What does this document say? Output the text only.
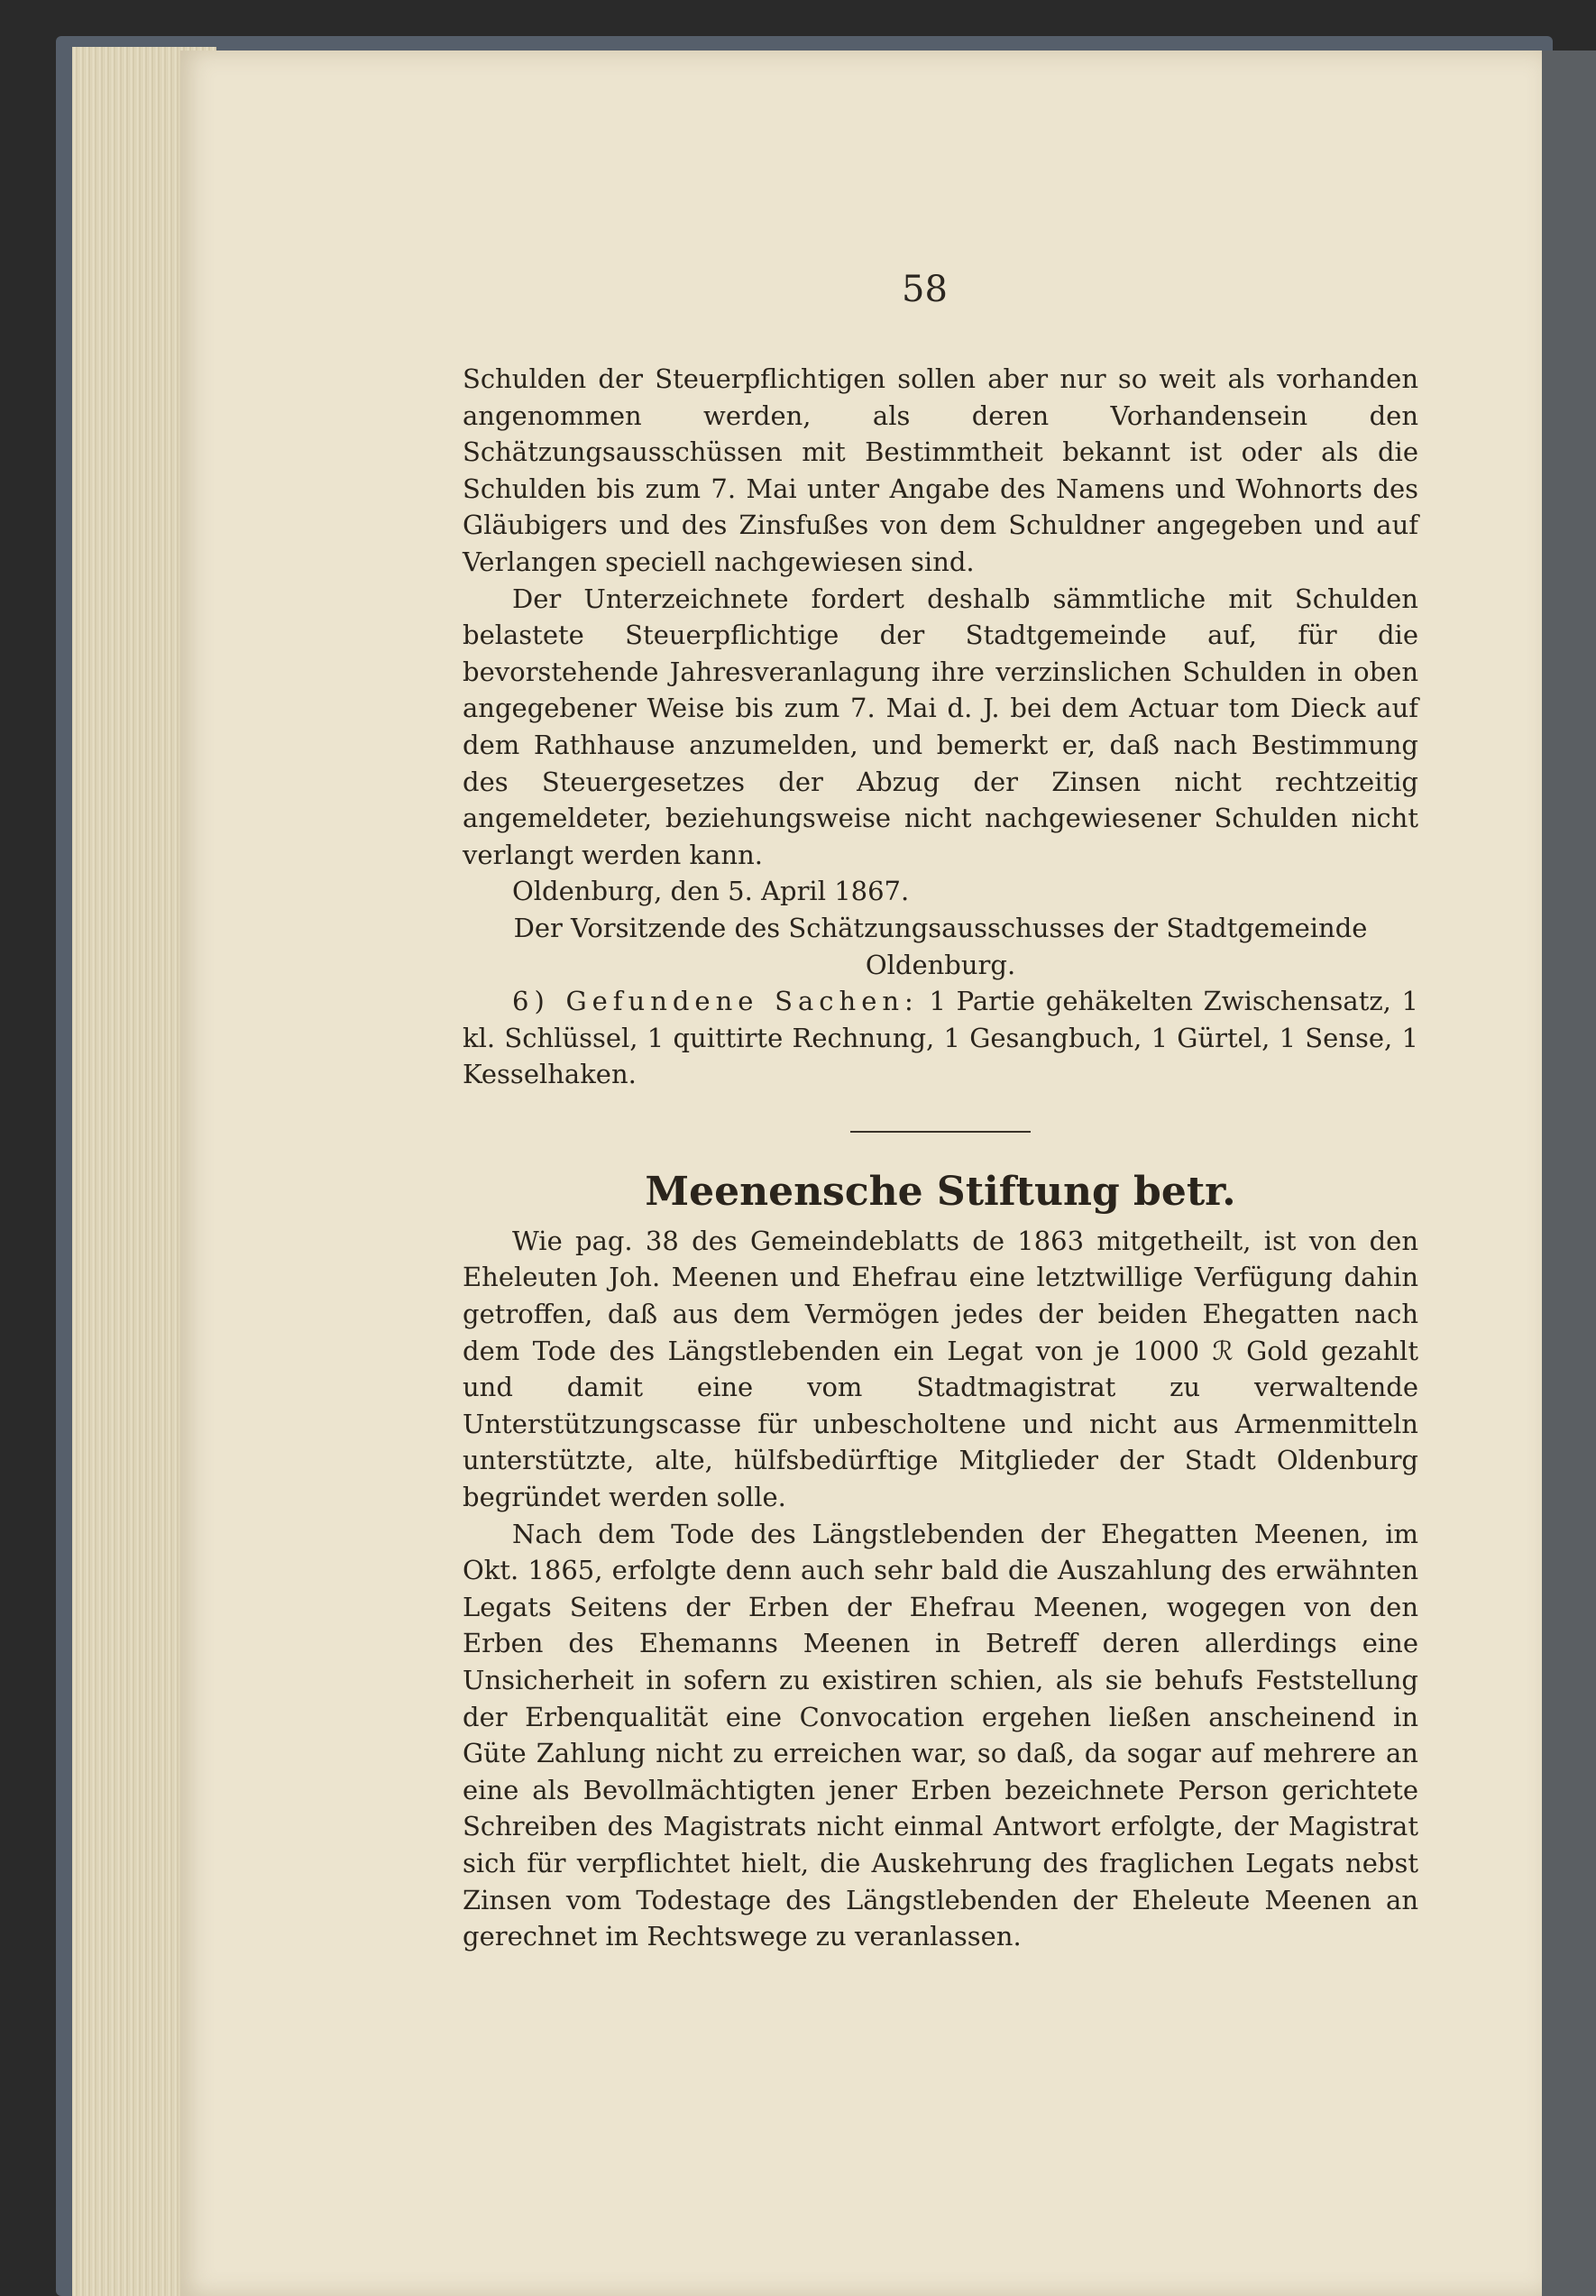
58

Schulden der Steuerpflichtigen sollen aber nur so weit als vorhanden angenommen werden, als deren Vorhandensein den Schätzungsausschüssen mit Bestimmtheit bekannt ist oder als die Schulden bis zum 7. Mai unter Angabe des Namens und Wohnorts des Gläubigers und des Zinsfußes von dem Schuldner angegeben und auf Verlangen speciell nachgewiesen sind.

Der Unterzeichnete fordert deshalb sämmtliche mit Schulden belastete Steuerpflichtige der Stadtgemeinde auf, für die bevorstehende Jahresveranlagung ihre verzinslichen Schulden in oben angegebener Weise bis zum 7. Mai d. J. bei dem Actuar tom Dieck auf dem Rathhause anzumelden, und bemerkt er, daß nach Bestimmung des Steuergesetzes der Abzug der Zinsen nicht rechtzeitig angemeldeter, beziehungsweise nicht nachgewiesener Schulden nicht verlangt werden kann.

Oldenburg, den 5. April 1867.

Der Vorsitzende des Schätzungsausschusses der Stadtgemeinde
Oldenburg.

6) Gefundene Sachen: 1 Partie gehäkelten Zwischensatz, 1 kl. Schlüssel, 1 quittirte Rechnung, 1 Gesangbuch, 1 Gürtel, 1 Sense, 1 Kesselhaken.

Meenensche Stiftung betr.

Wie pag. 38 des Gemeindeblatts de 1863 mitgetheilt, ist von den Eheleuten Joh. Meenen und Ehefrau eine letztwillige Verfügung dahin getroffen, daß aus dem Vermögen jedes der beiden Ehegatten nach dem Tode des Längstlebenden ein Legat von je 1000 ℛ Gold gezahlt und damit eine vom Stadtmagistrat zu verwaltende Unterstützungscasse für unbescholtene und nicht aus Armenmitteln unterstützte, alte, hülfsbedürftige Mitglieder der Stadt Oldenburg begründet werden solle.

Nach dem Tode des Längstlebenden der Ehegatten Meenen, im Okt. 1865, erfolgte denn auch sehr bald die Auszahlung des erwähnten Legats Seitens der Erben der Ehefrau Meenen, wogegen von den Erben des Ehemanns Meenen in Betreff deren allerdings eine Unsicherheit in sofern zu existiren schien, als sie behufs Feststellung der Erbenqualität eine Convocation ergehen ließen anscheinend in Güte Zahlung nicht zu erreichen war, so daß, da sogar auf mehrere an eine als Bevollmächtigten jener Erben bezeichnete Person gerichtete Schreiben des Magistrats nicht einmal Antwort erfolgte, der Magistrat sich für verpflichtet hielt, die Auskehrung des fraglichen Legats nebst Zinsen vom Todestage des Längstlebenden der Eheleute Meenen an gerechnet im Rechtswege zu veranlassen.
